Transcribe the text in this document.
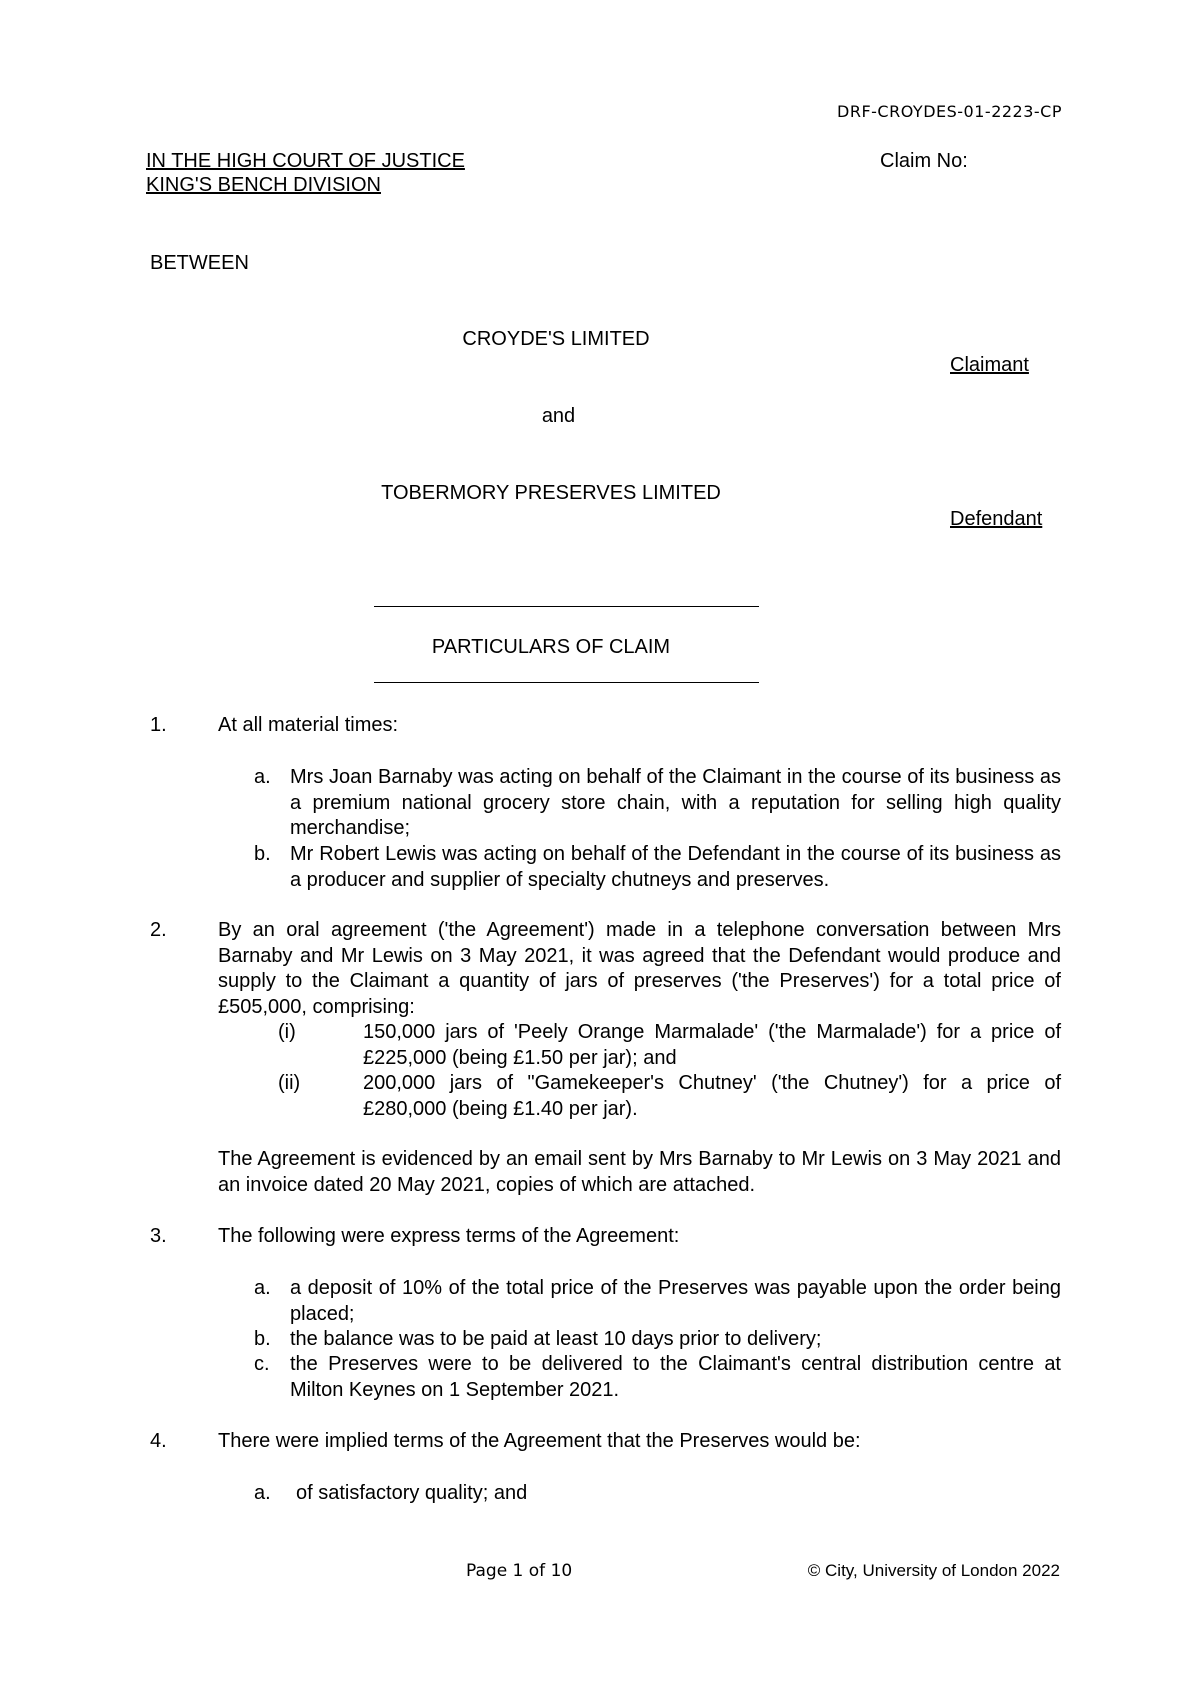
DRF-CROYDES-01-2223-CP
IN THE HIGH COURT OF JUSTICE
KING'S BENCH DIVISION
Claim No:
BETWEEN
CROYDE'S LIMITED
Claimant
and
TOBERMORY PRESERVES LIMITED
Defendant
PARTICULARS OF CLAIM
1.	At all material times:
a. Mrs Joan Barnaby was acting on behalf of the Claimant in the course of its business as a premium national grocery store chain, with a reputation for selling high quality merchandise;
b. Mr Robert Lewis was acting on behalf of the Defendant in the course of its business as a producer and supplier of specialty chutneys and preserves.
2.	By an oral agreement ('the Agreement') made in a telephone conversation between Mrs Barnaby and Mr Lewis on 3 May 2021, it was agreed that the Defendant would produce and supply to the Claimant a quantity of jars of preserves ('the Preserves') for a total price of £505,000, comprising:
(i)	150,000 jars of 'Peely Orange Marmalade' ('the Marmalade') for a price of £225,000 (being £1.50 per jar); and
(ii)	200,000 jars of "Gamekeeper's Chutney' ('the Chutney') for a price of £280,000 (being £1.40 per jar).
The Agreement is evidenced by an email sent by Mrs Barnaby to Mr Lewis on 3 May 2021 and an invoice dated 20 May 2021, copies of which are attached.
3.	The following were express terms of the Agreement:
a. a deposit of 10% of the total price of the Preserves was payable upon the order being placed;
b. the balance was to be paid at least 10 days prior to delivery;
c. the Preserves were to be delivered to the Claimant's central distribution centre at Milton Keynes on 1 September 2021.
4.	There were implied terms of the Agreement that the Preserves would be:
a. of satisfactory quality; and
Page 1 of 10	© City, University of London 2022
